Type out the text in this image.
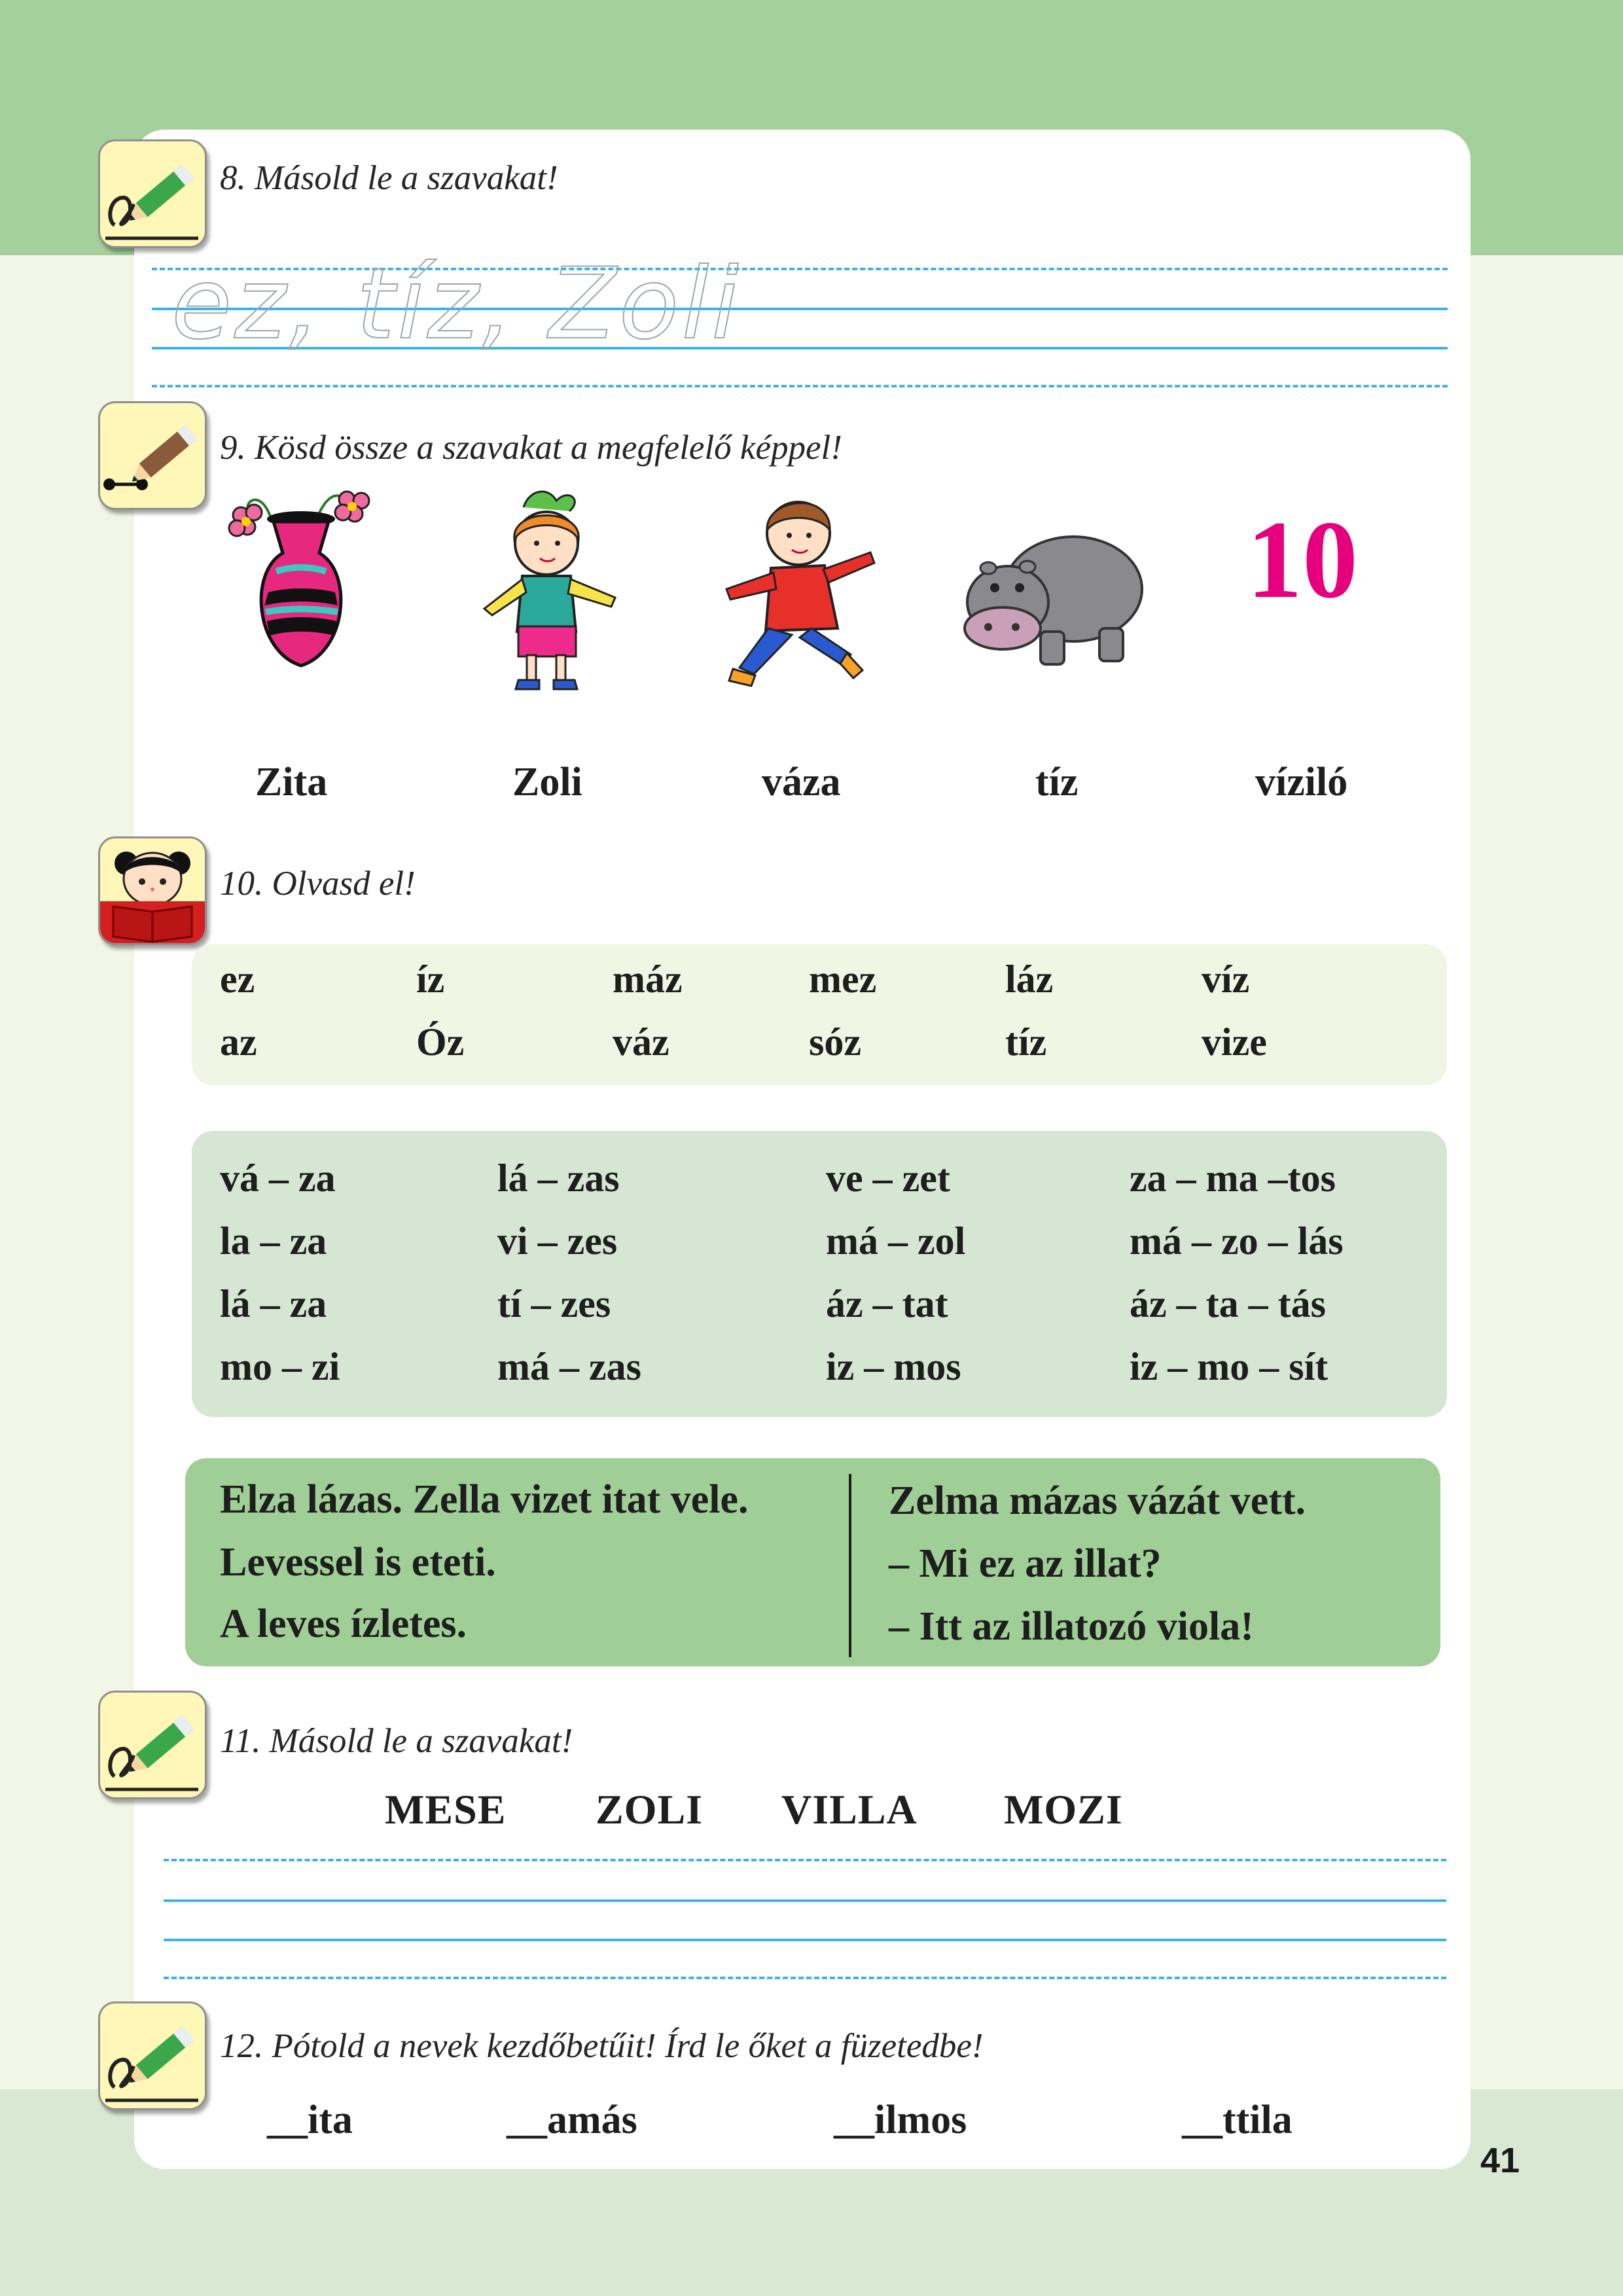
8. Másold le a szavakat!
ez, tíz, Zoli
9. Kösd össze a szavakat a megfelelő képpel!
10
Zita	Zoli	váza	tíz	víziló
10. Olvasd el!
ez	íz	máz	mez	láz	víz
az	Óz	váz	sóz	tíz	vize
vá – za	lá – zas	ve – zet	za – ma –tos
la – za	vi – zes	má – zol	má – zo – lás
lá – za	tí – zes	áz – tat	áz – ta – tás
mo – zi	má – zas	iz – mos	iz – mo – sít
Elza lázas. Zella vizet itat vele.
Levessel is eteti.
A leves ízletes.
Zelma mázas vázát vett.
– Mi ez az illat?
– Itt az illatozó viola!
11. Másold le a szavakat!
MESE ZOLI VILLA MOZI
12. Pótold a nevek kezdőbetűit! Írd le őket a füzetedbe!
__ita	__amás	__ilmos	__ttila
41
